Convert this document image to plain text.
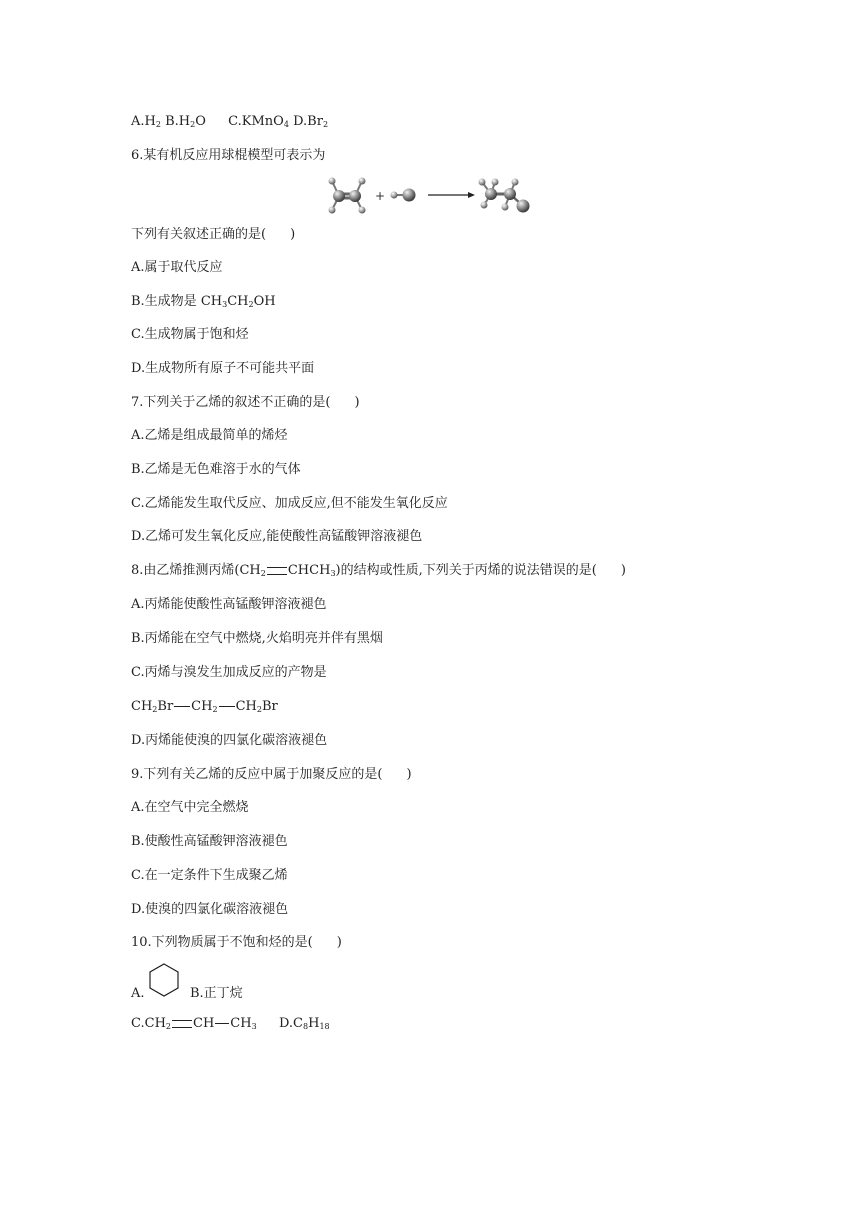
$A.H_2$ $B.H_2O$ C.KMnO$_4$ $D.Br_2$
6.某有机反应用球棍模型可表示为
+
下列有关叙述正确的是( )
A.属于取代反应
B.生成物是 $CH_3CH_2OH$
C.生成物属于饱和烃
D.生成物所有原子不可能共平面
7.下列关于乙烯的叙述不正确的是( )
A.乙烯是组成最简单的烯烃
B.乙烯是无色难溶于水的气体
C.乙烯能发生取代反应、加成反应,但不能发生氧化反应
D.乙烯可发生氧化反应,能使酸性高锰酸钾溶液褪色
8.由乙烯推测丙烯($CH_2$ $CHCH_3$)的结构或性质,下列关于丙烯的说法错误的是( )
A.丙烯能使酸性高锰酸钾溶液褪色
B.丙烯能在空气中燃烧,火焰明亮并伴有黑烟
C.丙烯与溴发生加成反应的产物是
$CH_2Br$ $CH_2$ $CH_2Br$
D.丙烯能使溴的四氯化碳溶液褪色
9.下列有关乙烯的反应中属于加聚反应的是( )
A.在空气中完全燃烧
B.使酸性高锰酸钾溶液褪色
C.在一定条件下生成聚乙烯
D.使溴的四氯化碳溶液褪色
10.下列物质属于不饱和烃的是( )
A.	B.正丁烷
$C.CH_2$ CH $CH_3$ $D.C_8H_{18}$
